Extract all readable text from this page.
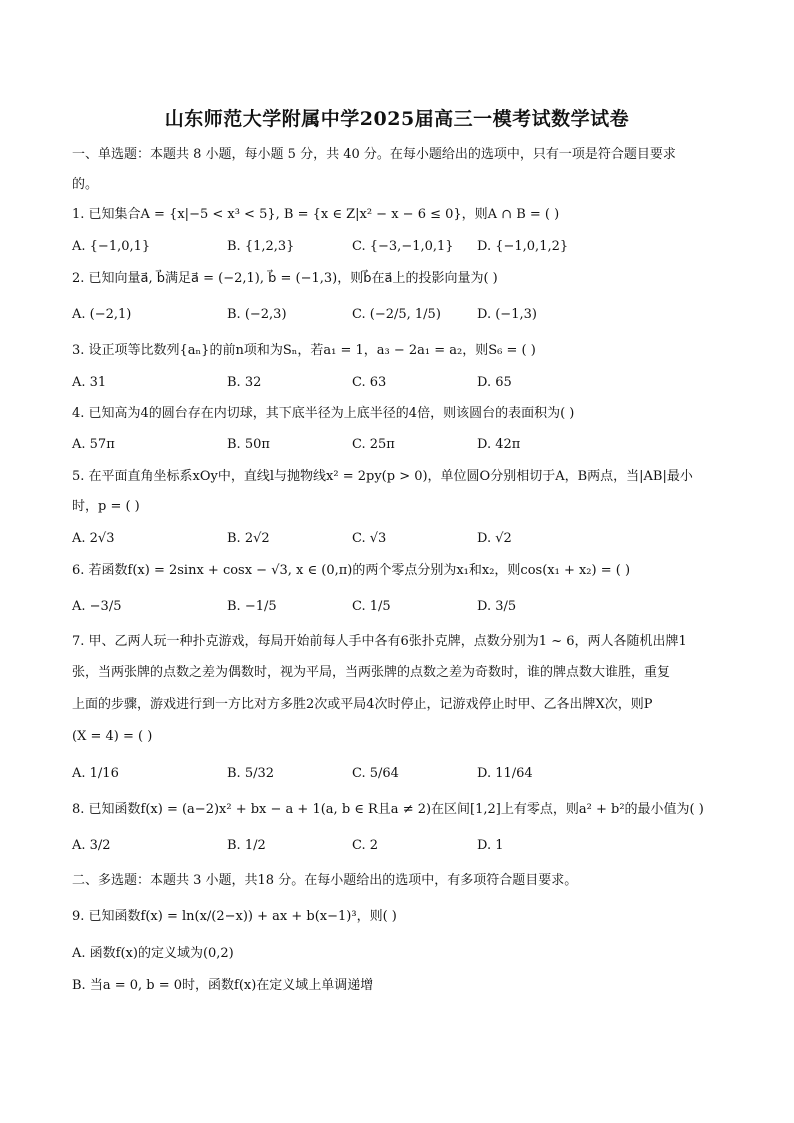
山东师范大学附属中学2025届高三一模考试数学试卷
一、单选题：本题共 8 小题，每小题 5 分，共 40 分。在每小题给出的选项中，只有一项是符合题目要求
的。
1. 已知集合A = {x|−5 < x³ < 5}, B = {x ∈ Z|x² − x − 6 ≤ 0}，则A ∩ B = ( )
A. {−1,0,1}	B. {1,2,3}	C. {−3,−1,0,1} D. {−1,0,1,2}
2. 已知向量a⃗, b⃗满足a⃗ = (−2,1), b⃗ = (−1,3)，则b⃗在a⃗上的投影向量为( )
A. (−2,1)	B. (−2,3)	C. (−2/5, 1/5)	D. (−1,3)
3. 设正项等比数列{aₙ}的前n项和为Sₙ，若a₁ = 1，a₃ − 2a₁ = a₂，则S₆ = ( )
A. 31	B. 32	C. 63	D. 65
4. 已知高为4的圆台存在内切球，其下底半径为上底半径的4倍，则该圆台的表面积为( )
A. 57π	B. 50π	C. 25π	D. 42π
5. 在平面直角坐标系xOy中，直线l与抛物线x² = 2py(p > 0)，单位圆O分别相切于A，B两点，当|AB|最小
时，p = ( )
A. 2√3	B. 2√2	C. √3	D. √2
6. 若函数f(x) = 2sinx + cosx − √3, x ∈ (0,π)的两个零点分别为x₁和x₂，则cos(x₁ + x₂) = ( )
A. −3/5	B. −1/5	C. 1/5	D. 3/5
7. 甲、乙两人玩一种扑克游戏，每局开始前每人手中各有6张扑克牌，点数分别为1 ~ 6，两人各随机出牌1
张，当两张牌的点数之差为偶数时，视为平局，当两张牌的点数之差为奇数时，谁的牌点数大谁胜，重复
上面的步骤，游戏进行到一方比对方多胜2次或平局4次时停止，记游戏停止时甲、乙各出牌X次，则P
(X = 4) = ( )
A. 1/16	B. 5/32	C. 5/64	D. 11/64
8. 已知函数f(x) = (a−2)x² + bx − a + 1(a, b ∈ R且a ≠ 2)在区间[1,2]上有零点，则a² + b²的最小值为( )
A. 3/2	B. 1/2	C. 2	D. 1
二、多选题：本题共 3 小题，共18 分。在每小题给出的选项中，有多项符合题目要求。
9. 已知函数f(x) = ln(x/(2−x)) + ax + b(x−1)³，则( )
A. 函数f(x)的定义域为(0,2)
B. 当a = 0, b = 0时，函数f(x)在定义域上单调递增
